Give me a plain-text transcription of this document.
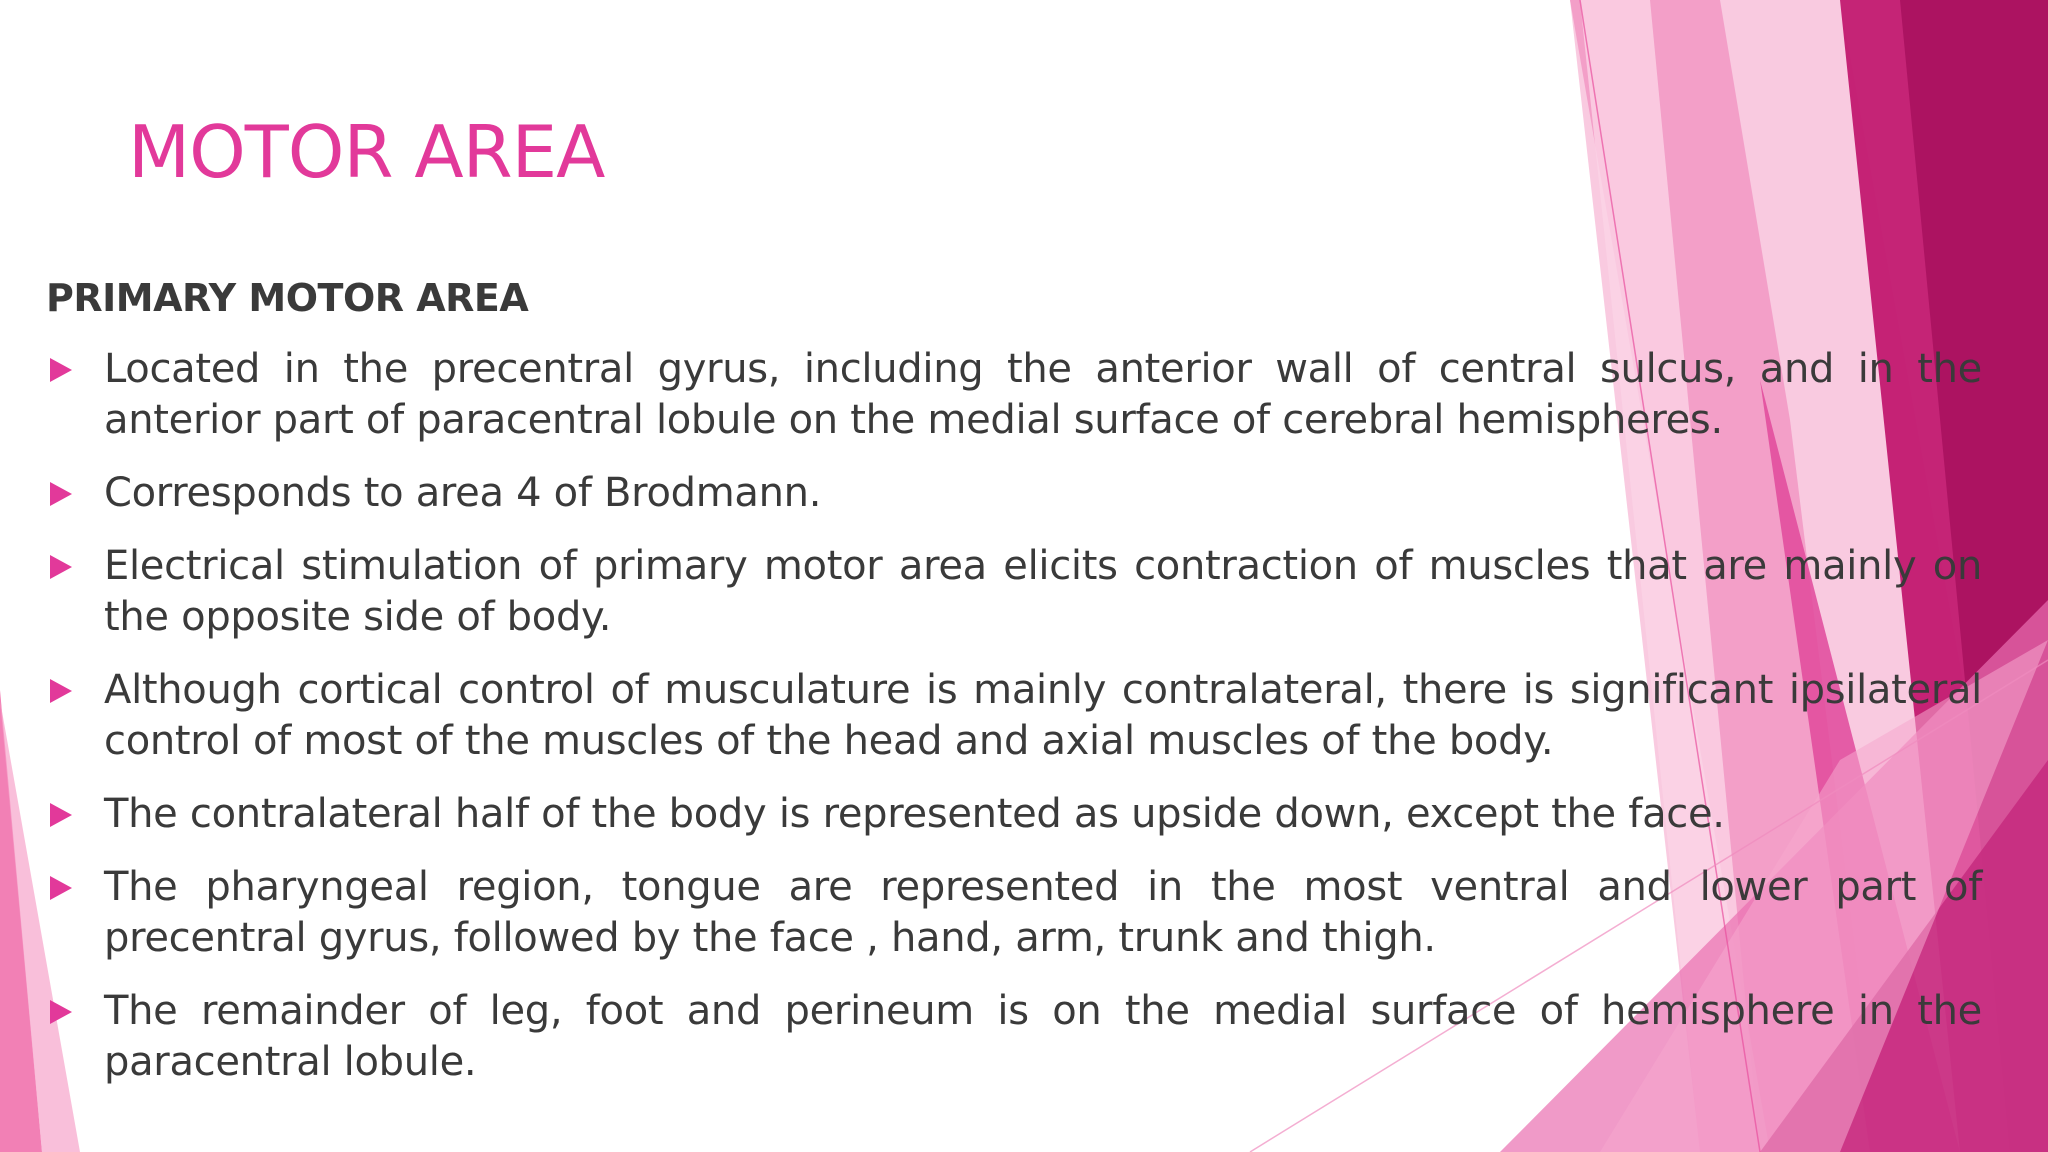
MOTOR AREA
PRIMARY MOTOR AREA
Located in the precentral gyrus, including the anterior wall of central sulcus, and in the anterior part of paracentral lobule on the medial surface of cerebral hemispheres.
Corresponds to area 4 of Brodmann.
Electrical stimulation of primary motor area elicits contraction of muscles that are mainly on the opposite side of body.
Although cortical control of musculature is mainly contralateral, there is significant ipsilateral control of most of the muscles of the head and axial muscles of the body.
The contralateral half of the body is represented as upside down, except the face.
The pharyngeal region, tongue are represented in the most ventral and lower part of precentral gyrus, followed by the face , hand, arm, trunk and thigh.
The remainder of leg, foot and perineum is on the medial surface of hemisphere in the paracentral lobule.
